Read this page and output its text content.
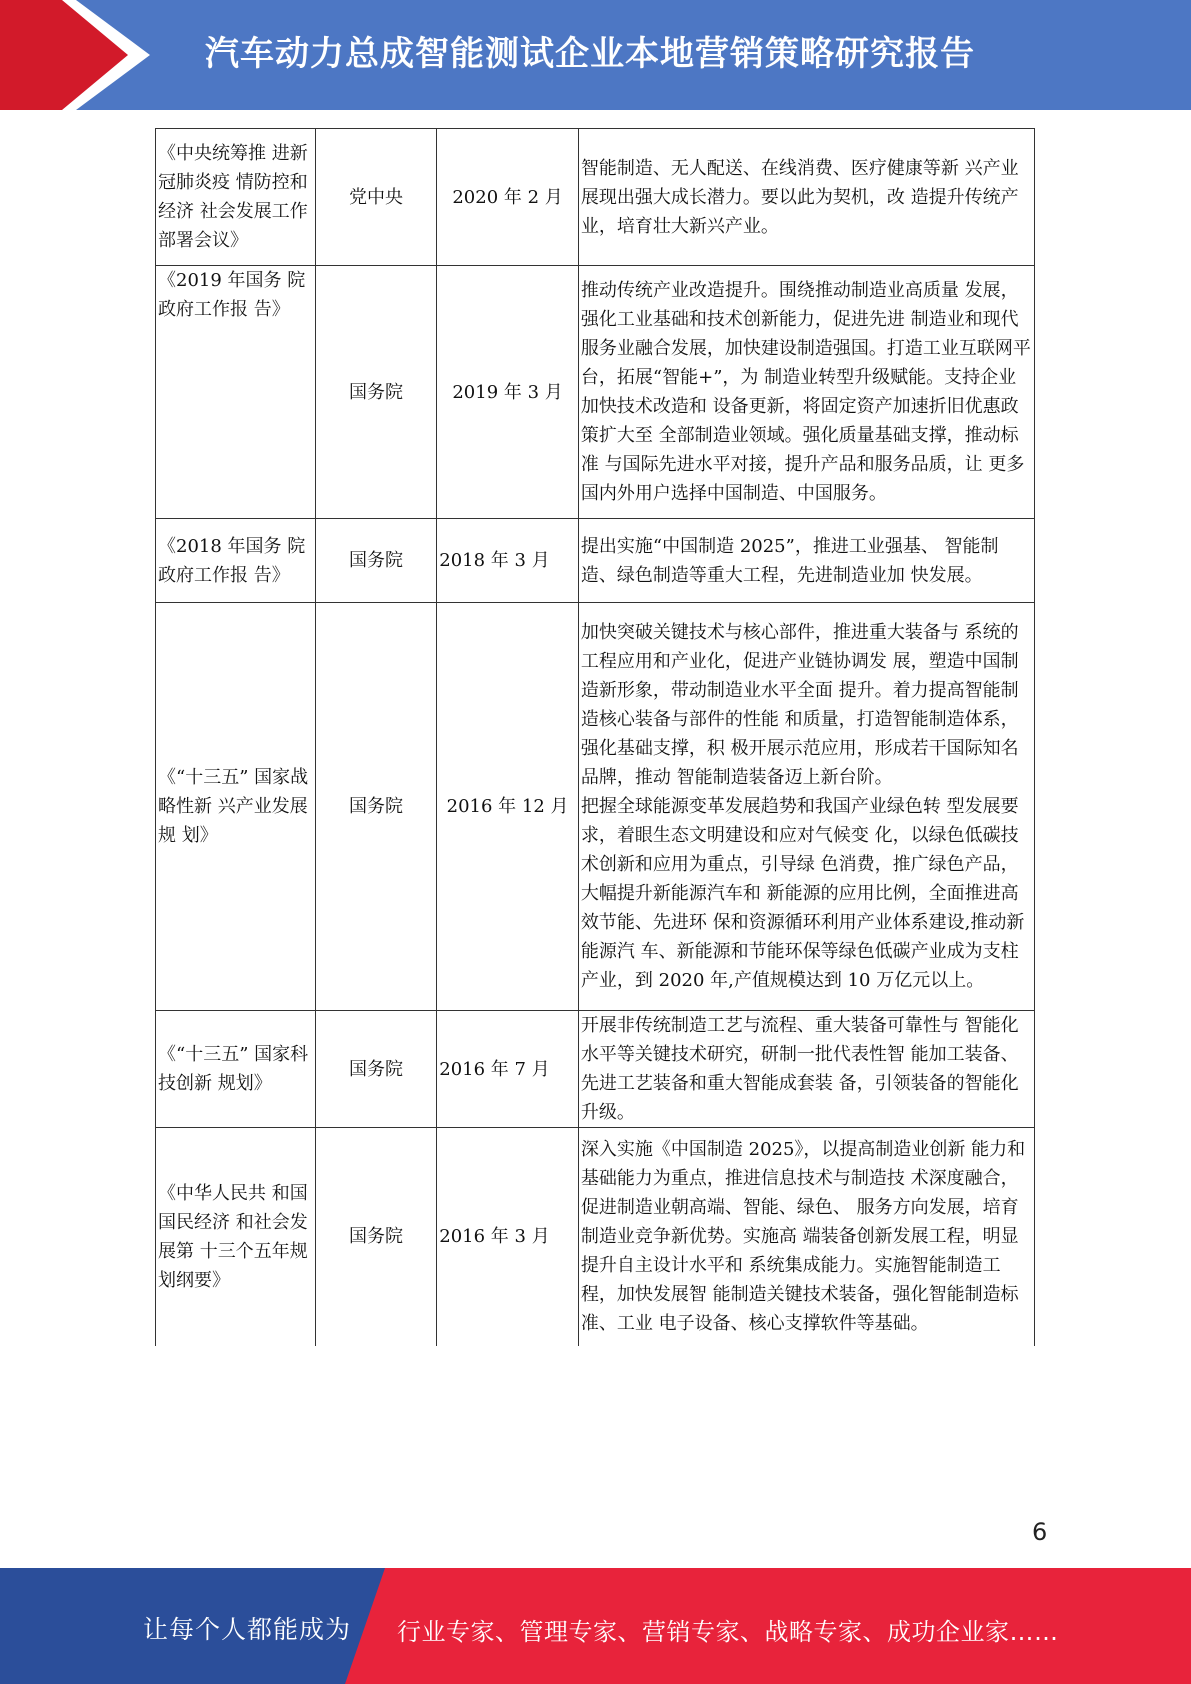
汽车动力总成智能测试企业本地营销策略研究报告
《中央统筹推 进新冠肺炎疫 情防控和经济 社会发展工作 部署会议》	党中央	2020 年 2 月	智能制造、无人配送、在线消费、医疗健康等新 兴产业展现出强大成长潜力。要以此为契机，改 造提升传统产业，培育壮大新兴产业。
《2019 年国务 院政府工作报 告》	国务院	2019 年 3 月	推动传统产业改造提升。围绕推动制造业高质量 发展，强化工业基础和技术创新能力，促进先进 制造业和现代服务业融合发展，加快建设制造强国。打造工业互联网平台，拓展“智能+”，为 制造业转型升级赋能。支持企业加快技术改造和 设备更新，将固定资产加速折旧优惠政策扩大至 全部制造业领域。强化质量基础支撑，推动标准 与国际先进水平对接，提升产品和服务品质，让 更多国内外用户选择中国制造、中国服务。
《2018 年国务 院政府工作报 告》	国务院	2018 年 3 月	提出实施“中国制造 2025”，推进工业强基、 智能制造、绿色制造等重大工程，先进制造业加 快发展。
《“十三五” 国家战略性新 兴产业发展规 划》	国务院	2016 年 12 月	加快突破关键技术与核心部件，推进重大装备与 系统的工程应用和产业化，促进产业链协调发 展，塑造中国制造新形象，带动制造业水平全面 提升。着力提高智能制造核心装备与部件的性能 和质量，打造智能制造体系，强化基础支撑，积 极开展示范应用，形成若干国际知名品牌，推动 智能制造装备迈上新台阶。
把握全球能源变革发展趋势和我国产业绿色转 型发展要求，着眼生态文明建设和应对气候变 化，以绿色低碳技术创新和应用为重点，引导绿 色消费，推广绿色产品，大幅提升新能源汽车和 新能源的应用比例，全面推进高效节能、先进环 保和资源循环利用产业体系建设,推动新能源汽 车、新能源和节能环保等绿色低碳产业成为支柱 产业，到 2020 年,产值规模达到 10 万亿元以上。

《“十三五” 国家科技创新 规划》	国务院	2016 年 7 月	开展非传统制造工艺与流程、重大装备可靠性与 智能化水平等关键技术研究，研制一批代表性智 能加工装备、先进工艺装备和重大智能成套装 备，引领装备的智能化升级。
《中华人民共 和国国民经济 和社会发展第 十三个五年规 划纲要》	国务院	2016 年 3 月	深入实施《中国制造 2025》，以提高制造业创新 能力和基础能力为重点，推进信息技术与制造技 术深度融合，促进制造业朝高端、智能、绿色、 服务方向发展，培育制造业竞争新优势。实施高 端装备创新发展工程，明显提升自主设计水平和 系统集成能力。实施智能制造工程，加快发展智 能制造关键技术装备，强化智能制造标准、工业 电子设备、核心支撑软件等基础。
6
让每个人都能成为 行业专家、管理专家、营销专家、战略专家、成功企业家……
